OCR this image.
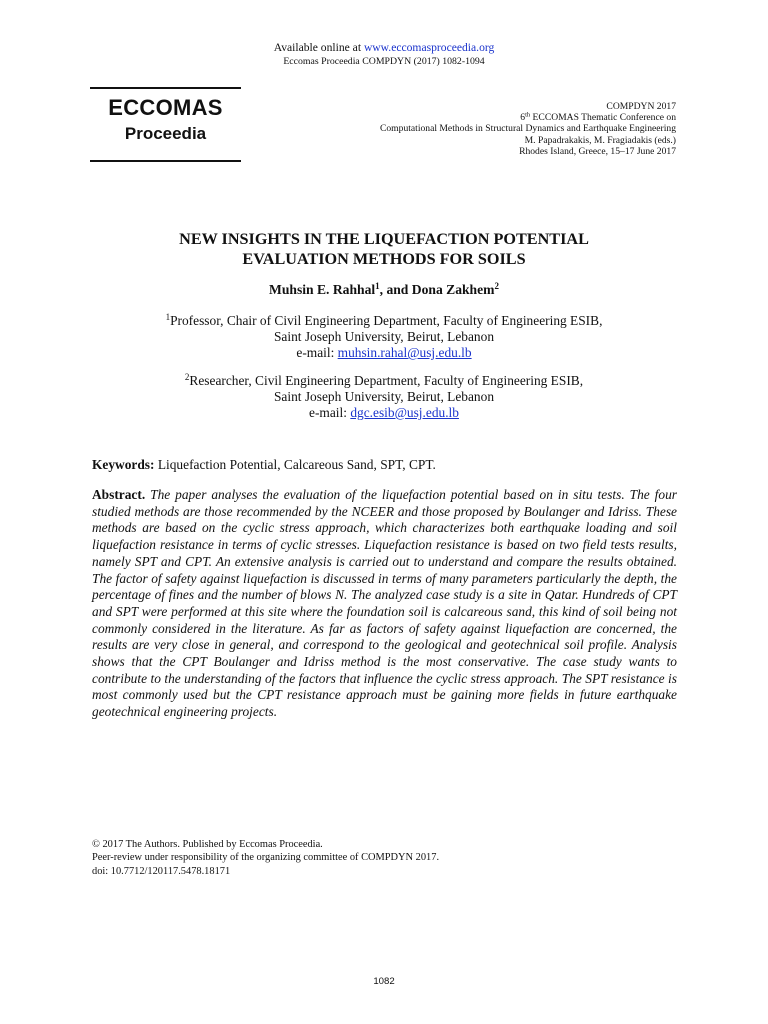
Available online at www.eccomasproceedia.org
Eccomas Proceedia COMPDYN (2017) 1082-1094
ECCOMAS
Proceedia
COMPDYN 2017
6th ECCOMAS Thematic Conference on
Computational Methods in Structural Dynamics and Earthquake Engineering
M. Papadrakakis, M. Fragiadakis (eds.)
Rhodes Island, Greece, 15–17 June 2017
NEW INSIGHTS IN THE LIQUEFACTION POTENTIAL
EVALUATION METHODS FOR SOILS
Muhsin E. Rahhal$^1$, and Dona Zakhem$^2$
$^1$Professor, Chair of Civil Engineering Department, Faculty of Engineering ESIB,
Saint Joseph University, Beirut, Lebanon
e-mail: muhsin.rahal@usj.edu.lb
$^2$Researcher, Civil Engineering Department, Faculty of Engineering ESIB,
Saint Joseph University, Beirut, Lebanon
e-mail: dgc.esib@usj.edu.lb
Keywords: Liquefaction Potential, Calcareous Sand, SPT, CPT.
Abstract. The paper analyses the evaluation of the liquefaction potential based on in situ tests. The four studied methods are those recommended by the NCEER and those proposed by Boulanger and Idriss. These methods are based on the cyclic stress approach, which characterizes both earthquake loading and soil liquefaction resistance in terms of cyclic stresses. Liquefaction resistance is based on two field tests results, namely SPT and CPT. An extensive analysis is carried out to understand and compare the results obtained. The factor of safety against liquefaction is discussed in terms of many parameters particularly the depth, the percentage of fines and the number of blows N. The analyzed case study is a site in Qatar. Hundreds of CPT and SPT were performed at this site where the foundation soil is calcareous sand, this kind of soil being not commonly considered in the literature. As far as factors of safety against liquefaction are concerned, the results are very close in general, and correspond to the geological and geotechnical soil profile. Analysis shows that the CPT Boulanger and Idriss method is the most conservative. The case study wants to contribute to the understanding of the factors that influence the cyclic stress approach. The SPT resistance is most commonly used but the CPT resistance approach must be gaining more fields in future earthquake geotechnical engineering projects.
© 2017 The Authors. Published by Eccomas Proceedia.
Peer-review under responsibility of the organizing committee of COMPDYN 2017.
doi: 10.7712/120117.5478.18171
1082
